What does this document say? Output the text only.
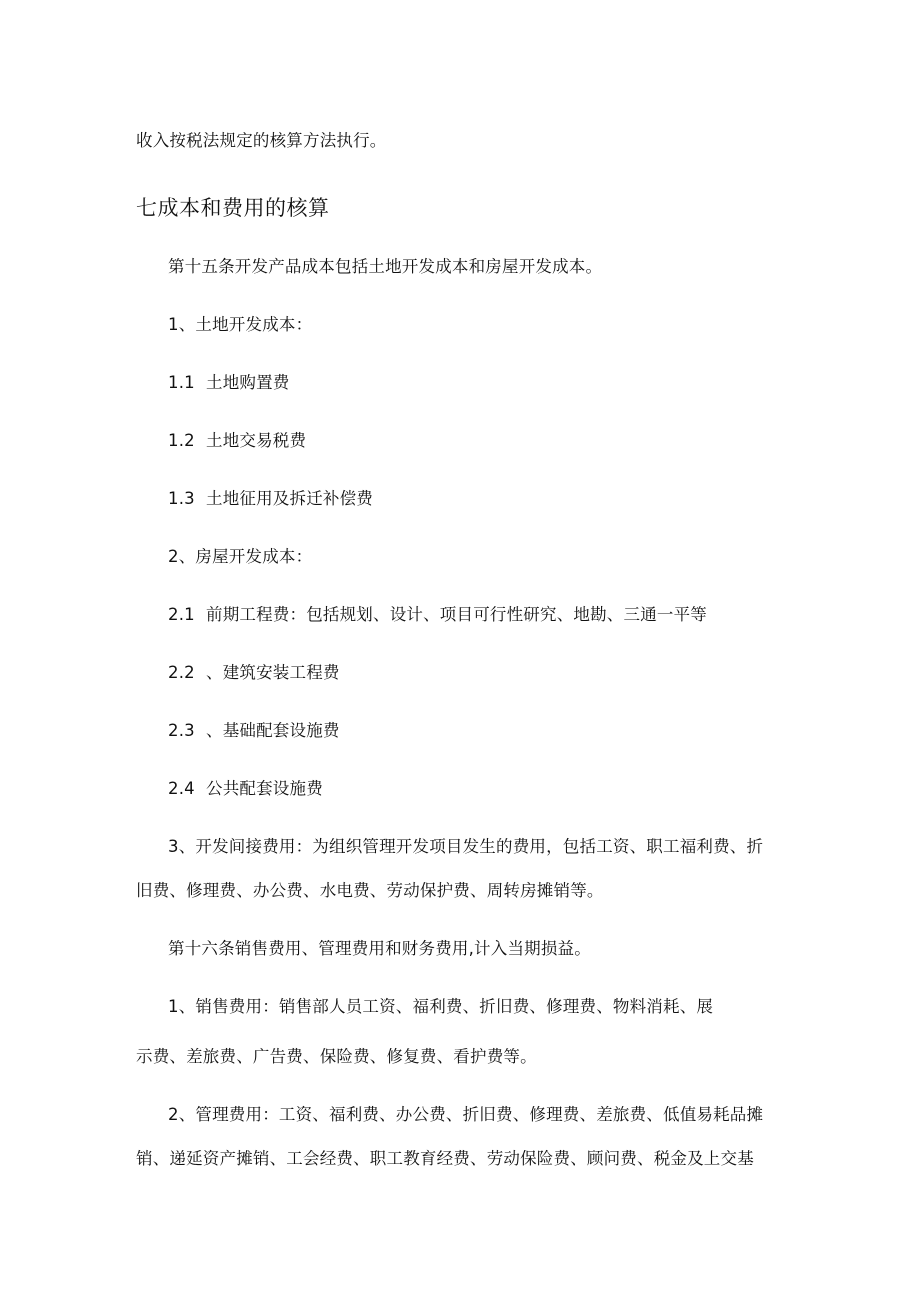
收入按税法规定的核算方法执行。
七成本和费用的核算
第十五条开发产品成本包括土地开发成本和房屋开发成本。
1、土地开发成本：
1.1 土地购置费
1.2 土地交易税费
1.3 土地征用及拆迁补偿费
2、房屋开发成本：
2.1 前期工程费：包括规划、设计、项目可行性研究、地勘、三通一平等
2.2 、建筑安装工程费
2.3 、基础配套设施费
2.4 公共配套设施费
3、开发间接费用：为组织管理开发项目发生的费用，包括工资、职工福利费、折
旧费、修理费、办公费、水电费、劳动保护费、周转房摊销等。
第十六条销售费用、管理费用和财务费用,计入当期损益。
1、销售费用：销售部人员工资、福利费、折旧费、修理费、物料消耗、展
示费、差旅费、广告费、保险费、修复费、看护费等。
2、管理费用：工资、福利费、办公费、折旧费、修理费、差旅费、低值易耗品摊
销、递延资产摊销、工会经费、职工教育经费、劳动保险费、顾问费、税金及上交基
